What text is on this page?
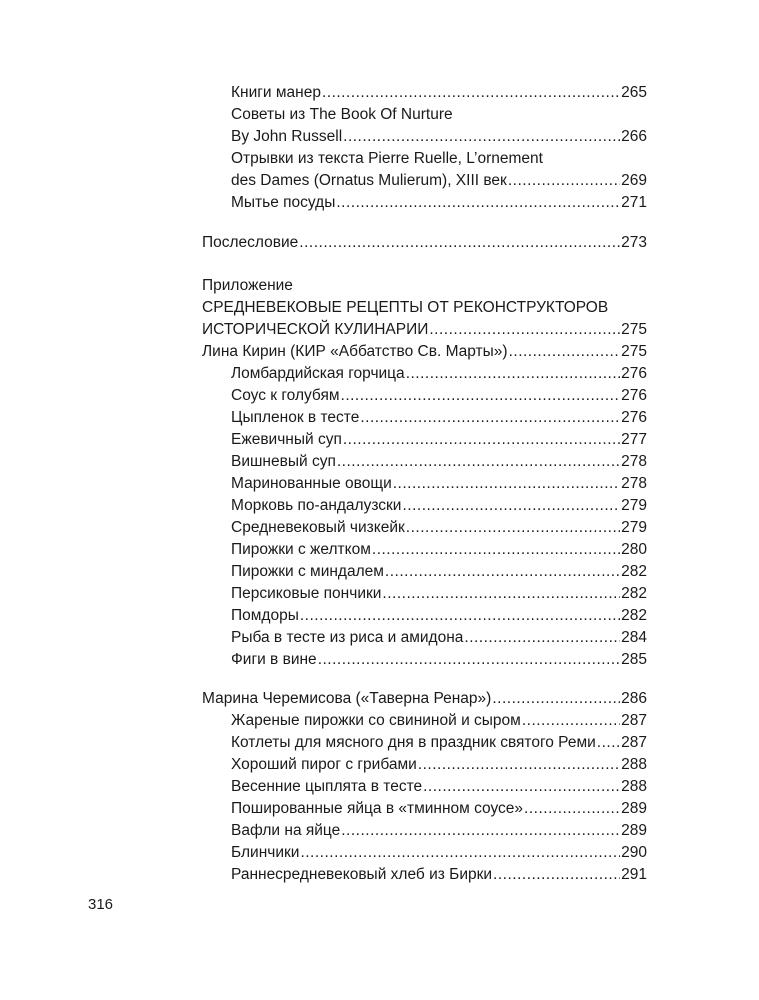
Книги манер .....	265
Советы из The Book Of Nurture
By John Russell .....	266
Отрывки из текста Pierre Ruelle, L’ornement
des Dames (Ornatus Mulierum), XIII век .....	269
Мытье посуды .....	271
Послесловие .....	273
Приложение
СРЕДНЕВЕКОВЫЕ РЕЦЕПТЫ ОТ РЕКОНСТРУКТОРОВ
ИСТОРИЧЕСКОЙ КУЛИНАРИИ .....	275
Лина Кирин (КИР «Аббатство Св. Марты») .....	275
Ломбардийская горчица .....	276
Соус к голубям .....	276
Цыпленок в тесте .....	276
Ежевичный суп .....	277
Вишневый суп .....	278
Маринованные овощи .....	278
Морковь по-андалузски .....	279
Средневековый чизкейк .....	279
Пирожки с желтком .....	280
Пирожки с миндалем .....	282
Персиковые пончики .....	282
Помдоры .....	282
Рыба в тесте из риса и амидона .....	284
Фиги в вине .....	285
Марина Черемисова («Таверна Ренар») .....	286
Жареные пирожки со свининой и сыром .....	287
Котлеты для мясного дня в праздник святого Реми ..... 287
Хороший пирог с грибами .....	288
Весенние цыплята в тесте .....	288
Пошированные яйца в «тминном соусе» .....	289
Вафли на яйце .....	289
Блинчики .....	290
Раннесредневековый хлеб из Бирки .....	291
316
